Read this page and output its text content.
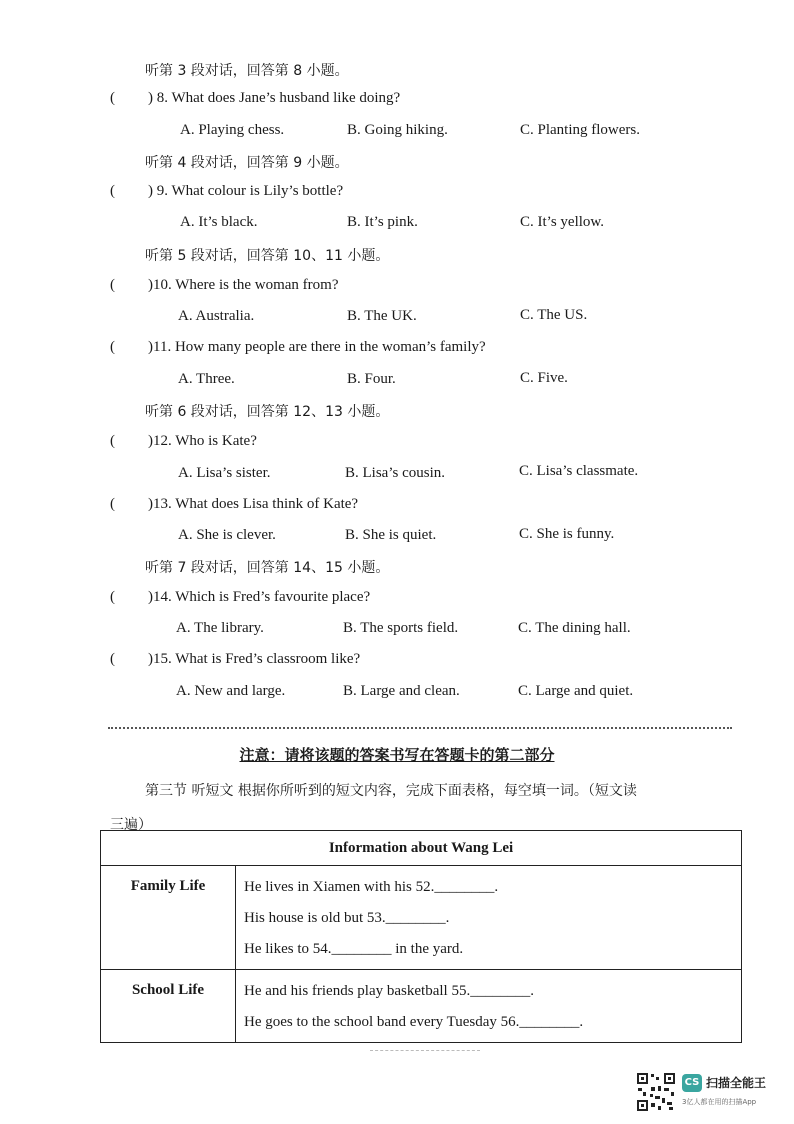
听第 3 段对话，回答第 8 小题。
( ) 8. What does Jane’s husband like doing?
A. Playing chess.	B. Going hiking.	C. Planting flowers.
听第 4 段对话，回答第 9 小题。
( ) 9. What colour is Lily’s bottle?
A. It’s black.	B. It’s pink.	C. It’s yellow.
听第 5 段对话，回答第 10、11 小题。
( )10. Where is the woman from?
A. Australia.	B. The UK.	C. The US.
( )11. How many people are there in the woman’s family?
A. Three.	B. Four.	C. Five.
听第 6 段对话，回答第 12、13 小题。
( )12. Who is Kate?
A. Lisa’s sister.	B. Lisa’s cousin.	C. Lisa’s classmate.
( )13. What does Lisa think of Kate?
A. She is clever.	B. She is quiet.	C. She is funny.
听第 7 段对话，回答第 14、15 小题。
( )14. Which is Fred’s favourite place?
A. The library.	B. The sports field.	C. The dining hall.
( )15. What is Fred’s classroom like?
A. New and large.	B. Large and clean.	C. Large and quiet.
注意：请将该题的答案书写在答题卡的第二部分
第三节 听短文 根据你所听到的短文内容，完成下面表格，每空填一词。（短文读
三遍）
Information about Wang Lei	
Family Life	He lives in Xiamen with his 52.________.
His house is old but 53.________.
He likes to 54.________ in the yard.

School Life	He and his friends play basketball 55.________.
He goes to the school band every Tuesday 56.________.
CS 扫描全能王
3亿人都在用的扫描App
